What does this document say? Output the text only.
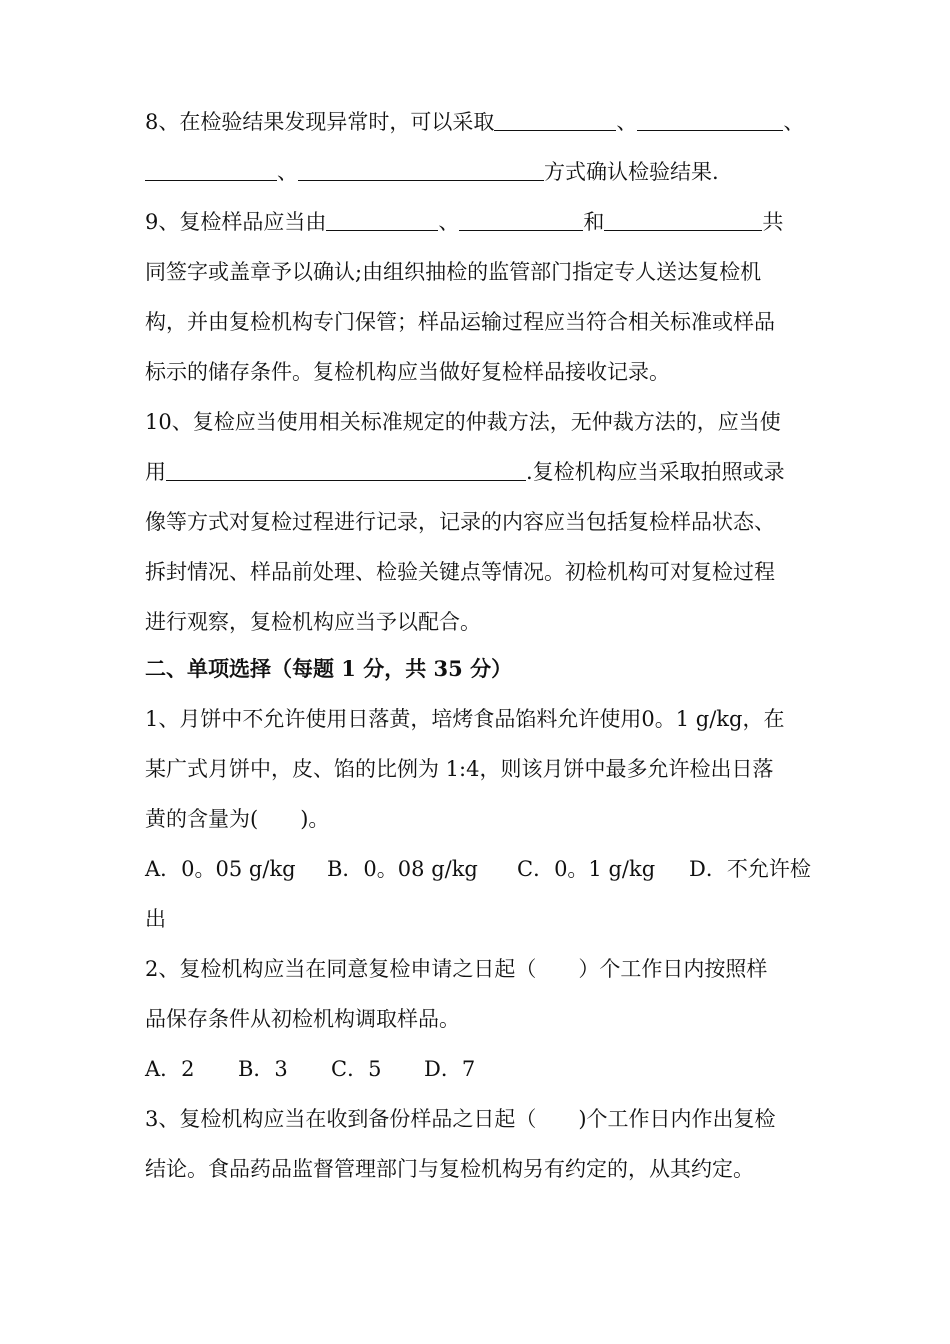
8、在检验结果发现异常时，可以采取	、	、
、	方式确认检验结果.
9、复检样品应当由	、	和	共
同签字或盖章予以确认;由组织抽检的监管部门指定专人送达复检机
构，并由复检机构专门保管；样品运输过程应当符合相关标准或样品
标示的储存条件。复检机构应当做好复检样品接收记录。
10、复检应当使用相关标准规定的仲裁方法，无仲裁方法的，应当使
用	.复检机构应当采取拍照或录
像等方式对复检过程进行记录，记录的内容应当包括复检样品状态、
拆封情况、样品前处理、检验关键点等情况。初检机构可对复检过程
进行观察，复检机构应当予以配合。
二、单项选择（每题 1 分，共 35 分）
1、月饼中不允许使用日落黄，培烤食品馅料允许使用0。1 g/kg，在
某广式月饼中，皮、馅的比例为 1:4，则该月饼中最多允许检出日落
黄的含量为(　　)。
A．0。05 g/kg B．0。08 g/kg C．0。1 g/kg D．不允许检
出
2、复检机构应当在同意复检申请之日起（　　）个工作日内按照样
品保存条件从初检机构调取样品。
A．2 B．3 C．5 D．7
3、复检机构应当在收到备份样品之日起（　　)个工作日内作出复检
结论。食品药品监督管理部门与复检机构另有约定的，从其约定。
